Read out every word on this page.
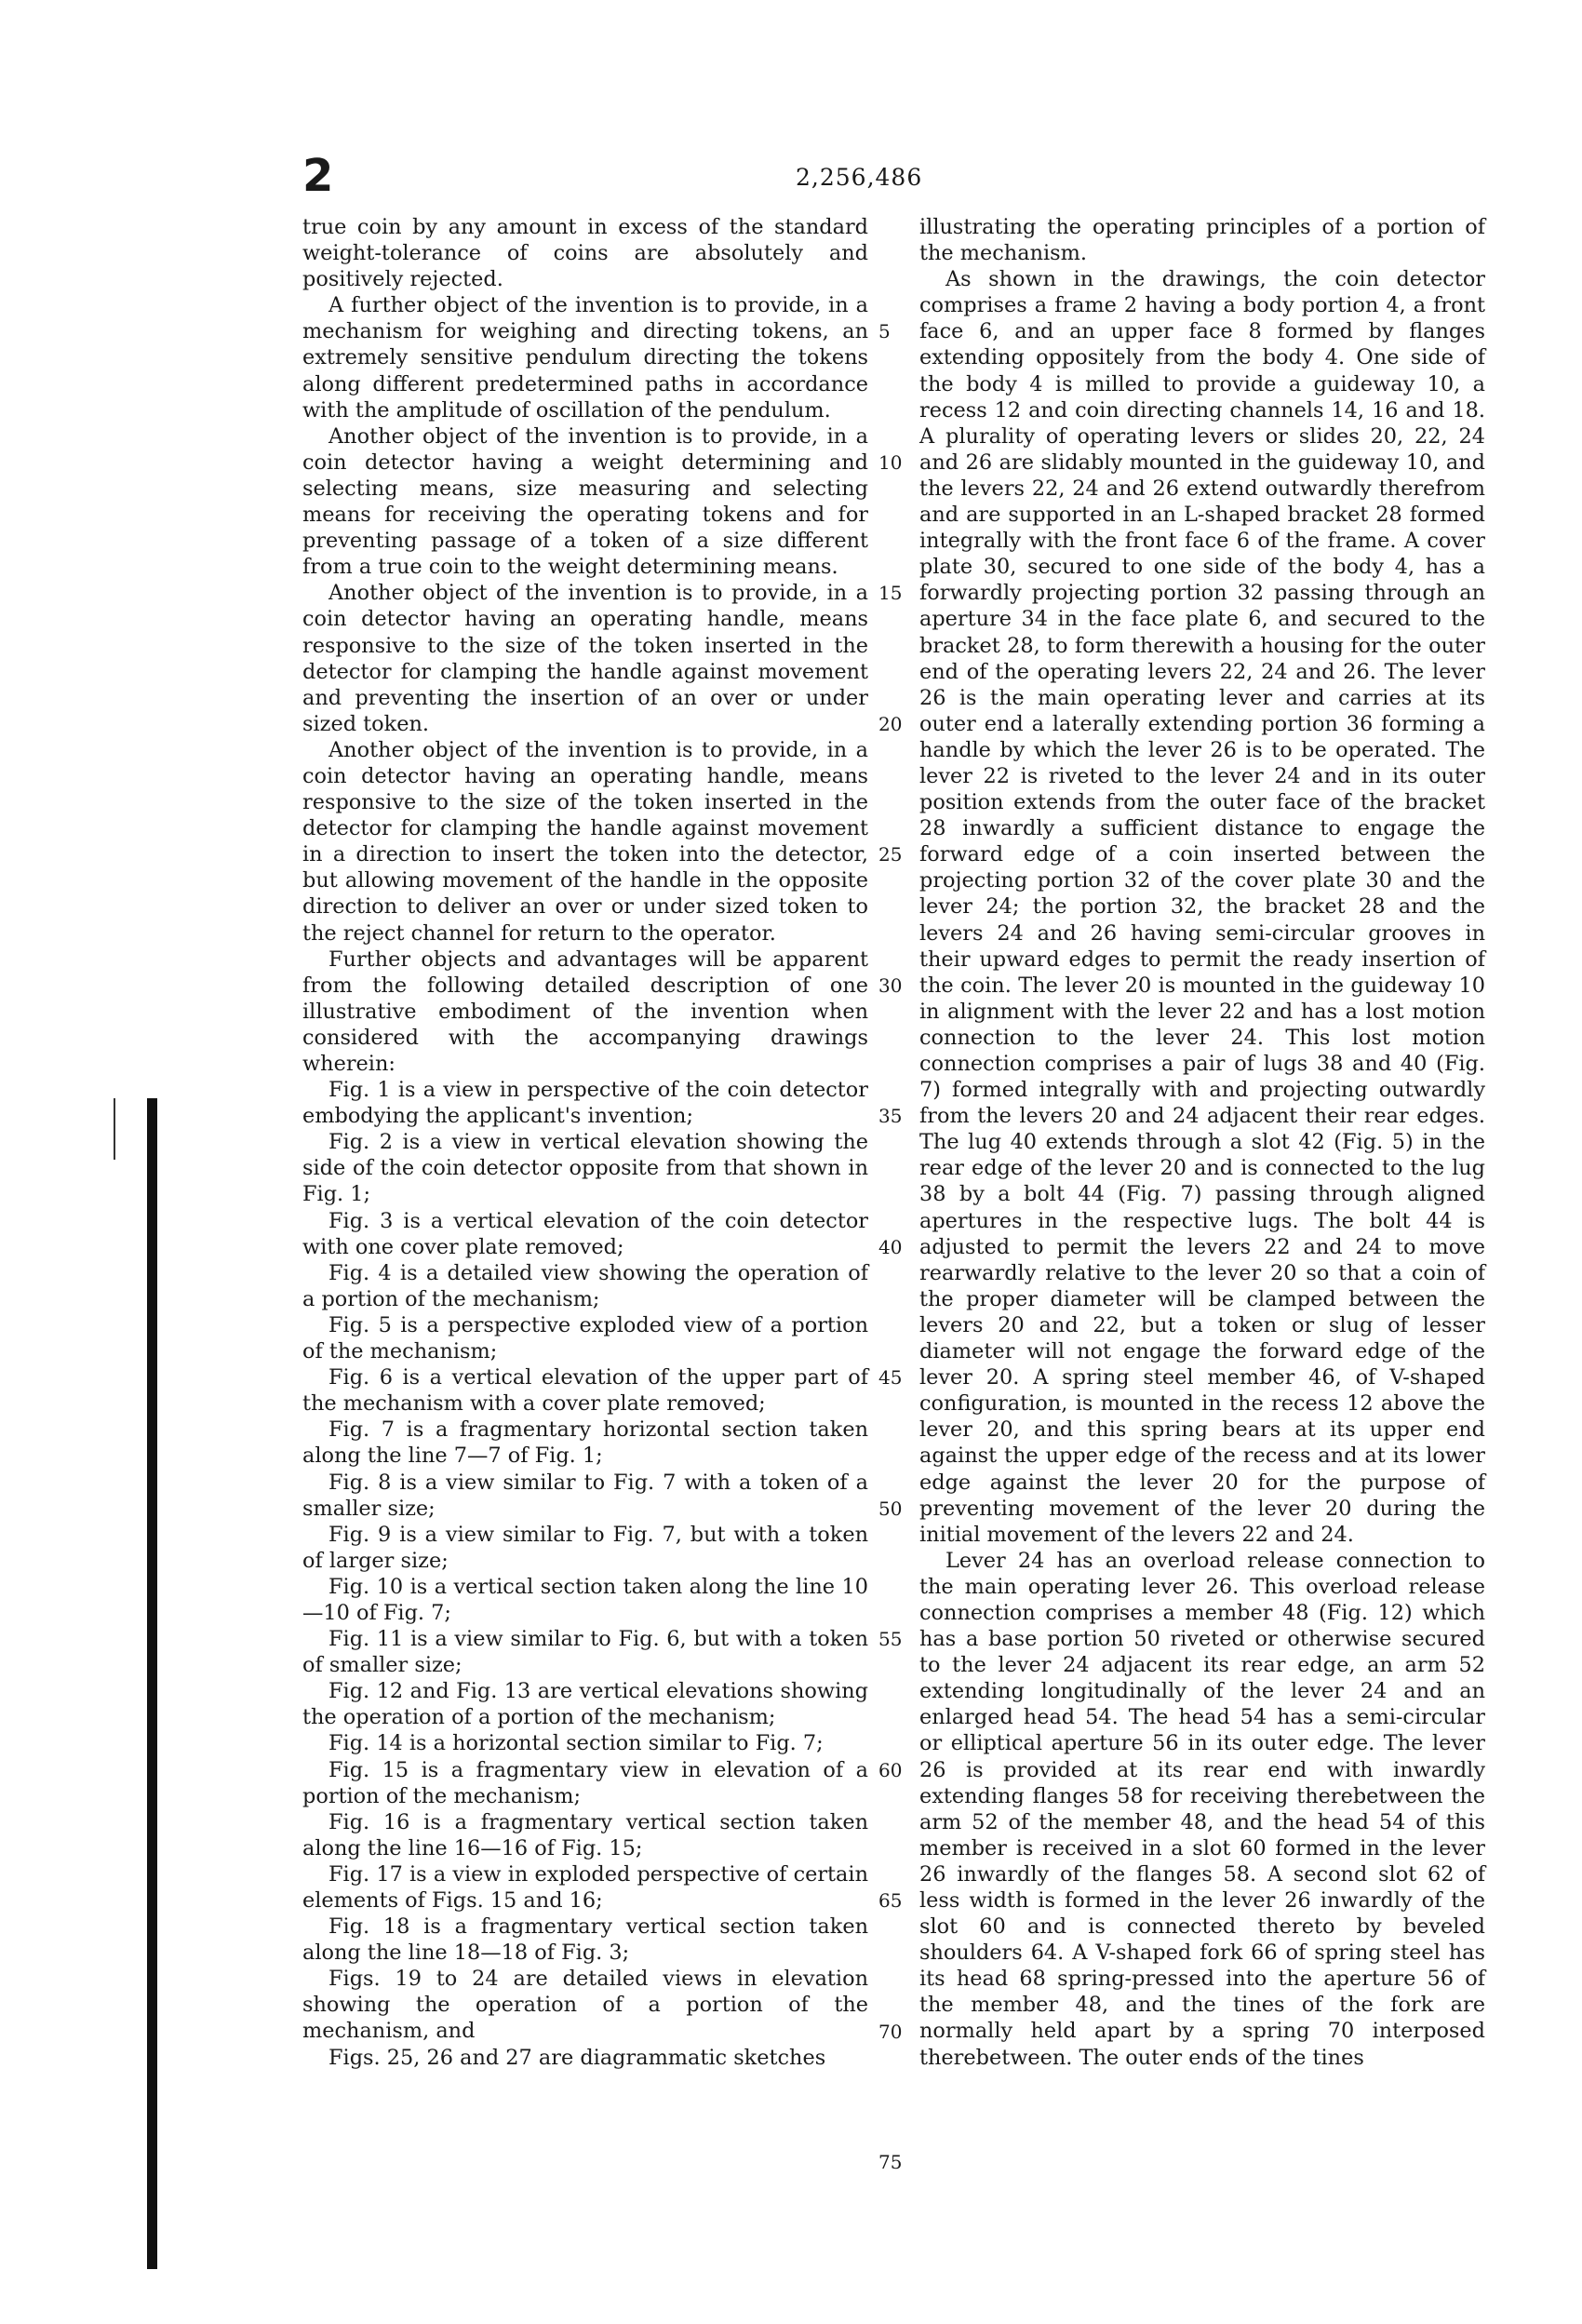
2	2,256,486

true coin by any amount in excess of the standard weight-tolerance of coins are absolutely and positively rejected.

A further object of the invention is to provide, in a mechanism for weighing and directing tokens, an extremely sensitive pendulum directing the tokens along different predetermined paths in accordance with the amplitude of oscillation of the pendulum.

Another object of the invention is to provide, in a coin detector having a weight determining and selecting means, size measuring and selecting means for receiving the operating tokens and for preventing passage of a token of a size different from a true coin to the weight determining means.

Another object of the invention is to provide, in a coin detector having an operating handle, means responsive to the size of the token inserted in the detector for clamping the handle against movement and preventing the insertion of an over or under sized token.

Another object of the invention is to provide, in a coin detector having an operating handle, means responsive to the size of the token inserted in the detector for clamping the handle against movement in a direction to insert the token into the detector, but allowing movement of the handle in the opposite direction to deliver an over or under sized token to the reject channel for return to the operator.

Further objects and advantages will be apparent from the following detailed description of one illustrative embodiment of the invention when considered with the accompanying drawings wherein:

Fig. 1 is a view in perspective of the coin detector embodying the applicant's invention;

Fig. 2 is a view in vertical elevation showing the side of the coin detector opposite from that shown in Fig. 1;

Fig. 3 is a vertical elevation of the coin detector with one cover plate removed;

Fig. 4 is a detailed view showing the operation of a portion of the mechanism;

Fig. 5 is a perspective exploded view of a portion of the mechanism;

Fig. 6 is a vertical elevation of the upper part of the mechanism with a cover plate removed;

Fig. 7 is a fragmentary horizontal section taken along the line 7—7 of Fig. 1;

Fig. 8 is a view similar to Fig. 7 with a token of a smaller size;

Fig. 9 is a view similar to Fig. 7, but with a token of larger size;

Fig. 10 is a vertical section taken along the line 10—10 of Fig. 7;

Fig. 11 is a view similar to Fig. 6, but with a token of smaller size;

Fig. 12 and Fig. 13 are vertical elevations showing the operation of a portion of the mechanism;

Fig. 14 is a horizontal section similar to Fig. 7;

Fig. 15 is a fragmentary view in elevation of a portion of the mechanism;

Fig. 16 is a fragmentary vertical section taken along the line 16—16 of Fig. 15;

Fig. 17 is a view in exploded perspective of certain elements of Figs. 15 and 16;

Fig. 18 is a fragmentary vertical section taken along the line 18—18 of Fig. 3;

Figs. 19 to 24 are detailed views in elevation showing the operation of a portion of the mechanism, and

Figs. 25, 26 and 27 are diagrammatic sketches

5
10
15
20
25
30
35
40
45
50
55
60
65
70
75

illustrating the operating principles of a portion of the mechanism.

As shown in the drawings, the coin detector comprises a frame 2 having a body portion 4, a front face 6, and an upper face 8 formed by flanges extending oppositely from the body 4. One side of the body 4 is milled to provide a guideway 10, a recess 12 and coin directing channels 14, 16 and 18. A plurality of operating levers or slides 20, 22, 24 and 26 are slidably mounted in the guideway 10, and the levers 22, 24 and 26 extend outwardly therefrom and are supported in an L-shaped bracket 28 formed integrally with the front face 6 of the frame. A cover plate 30, secured to one side of the body 4, has a forwardly projecting portion 32 passing through an aperture 34 in the face plate 6, and secured to the bracket 28, to form therewith a housing for the outer end of the operating levers 22, 24 and 26. The lever 26 is the main operating lever and carries at its outer end a laterally extending portion 36 forming a handle by which the lever 26 is to be operated. The lever 22 is riveted to the lever 24 and in its outer position extends from the outer face of the bracket 28 inwardly a sufficient distance to engage the forward edge of a coin inserted between the projecting portion 32 of the cover plate 30 and the lever 24; the portion 32, the bracket 28 and the levers 24 and 26 having semi-circular grooves in their upward edges to permit the ready insertion of the coin. The lever 20 is mounted in the guideway 10 in alignment with the lever 22 and has a lost motion connection to the lever 24. This lost motion connection comprises a pair of lugs 38 and 40 (Fig. 7) formed integrally with and projecting outwardly from the levers 20 and 24 adjacent their rear edges. The lug 40 extends through a slot 42 (Fig. 5) in the rear edge of the lever 20 and is connected to the lug 38 by a bolt 44 (Fig. 7) passing through aligned apertures in the respective lugs. The bolt 44 is adjusted to permit the levers 22 and 24 to move rearwardly relative to the lever 20 so that a coin of the proper diameter will be clamped between the levers 20 and 22, but a token or slug of lesser diameter will not engage the forward edge of the lever 20. A spring steel member 46, of V-shaped configuration, is mounted in the recess 12 above the lever 20, and this spring bears at its upper end against the upper edge of the recess and at its lower edge against the lever 20 for the purpose of preventing movement of the lever 20 during the initial movement of the levers 22 and 24.

Lever 24 has an overload release connection to the main operating lever 26. This overload release connection comprises a member 48 (Fig. 12) which has a base portion 50 riveted or otherwise secured to the lever 24 adjacent its rear edge, an arm 52 extending longitudinally of the lever 24 and an enlarged head 54. The head 54 has a semi-circular or elliptical aperture 56 in its outer edge. The lever 26 is provided at its rear end with inwardly extending flanges 58 for receiving therebetween the arm 52 of the member 48, and the head 54 of this member is received in a slot 60 formed in the lever 26 inwardly of the flanges 58. A second slot 62 of less width is formed in the lever 26 inwardly of the slot 60 and is connected thereto by beveled shoulders 64. A V-shaped fork 66 of spring steel has its head 68 spring-pressed into the aperture 56 of the member 48, and the tines of the fork are normally held apart by a spring 70 interposed therebetween. The outer ends of the tines
